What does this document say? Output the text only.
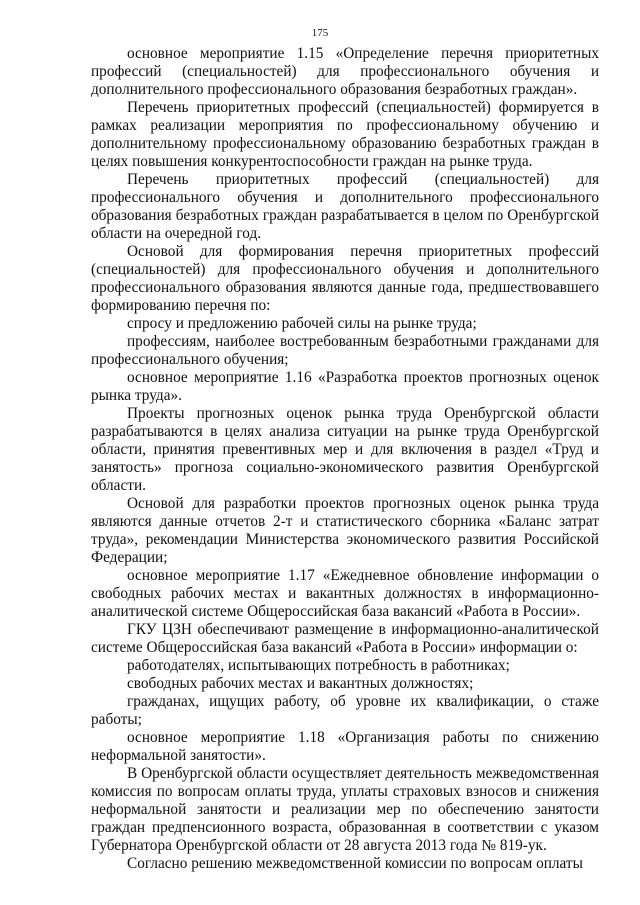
175

основное мероприятие 1.15 «Определение перечня приоритетных профессий (специальностей) для профессионального обучения и дополнительного профессионального образования безработных граждан».

Перечень приоритетных профессий (специальностей) формируется в рамках реализации мероприятия по профессиональному обучению и дополнительному профессиональному образованию безработных граждан в целях повышения конкурентоспособности граждан на рынке труда.

Перечень приоритетных профессий (специальностей) для профессионального обучения и дополнительного профессионального образования безработных граждан разрабатывается в целом по Оренбургской области на очередной год.

Основой для формирования перечня приоритетных профессий (специальностей) для профессионального обучения и дополнительного профессионального образования являются данные года, предшествовавшего формированию перечня по:

спросу и предложению рабочей силы на рынке труда;

профессиям, наиболее востребованным безработными гражданами для профессионального обучения;

основное мероприятие 1.16 «Разработка проектов прогнозных оценок рынка труда».

Проекты прогнозных оценок рынка труда Оренбургской области разрабатываются в целях анализа ситуации на рынке труда Оренбургской области, принятия превентивных мер и для включения в раздел «Труд и занятость» прогноза социально-экономического развития Оренбургской области.

Основой для разработки проектов прогнозных оценок рынка труда являются данные отчетов 2-т и статистического сборника «Баланс затрат труда», рекомендации Министерства экономического развития Российской Федерации;

основное мероприятие 1.17 «Ежедневное обновление информации о свободных рабочих местах и вакантных должностях в информационно-аналитической системе Общероссийская база вакансий «Работа в России».

ГКУ ЦЗН обеспечивают размещение в информационно-аналитической системе Общероссийская база вакансий «Работа в России» информации о:

работодателях, испытывающих потребность в работниках;

свободных рабочих местах и вакантных должностях;

гражданах, ищущих работу, об уровне их квалификации, о стаже работы;

основное мероприятие 1.18 «Организация работы по снижению неформальной занятости».

В Оренбургской области осуществляет деятельность межведомственная комиссия по вопросам оплаты труда, уплаты страховых взносов и снижения неформальной занятости и реализации мер по обеспечению занятости граждан предпенсионного возраста, образованная в соответствии с указом Губернатора Оренбургской области от 28 августа 2013 года № 819-ук.

Согласно решению межведомственной комиссии по вопросам оплаты
